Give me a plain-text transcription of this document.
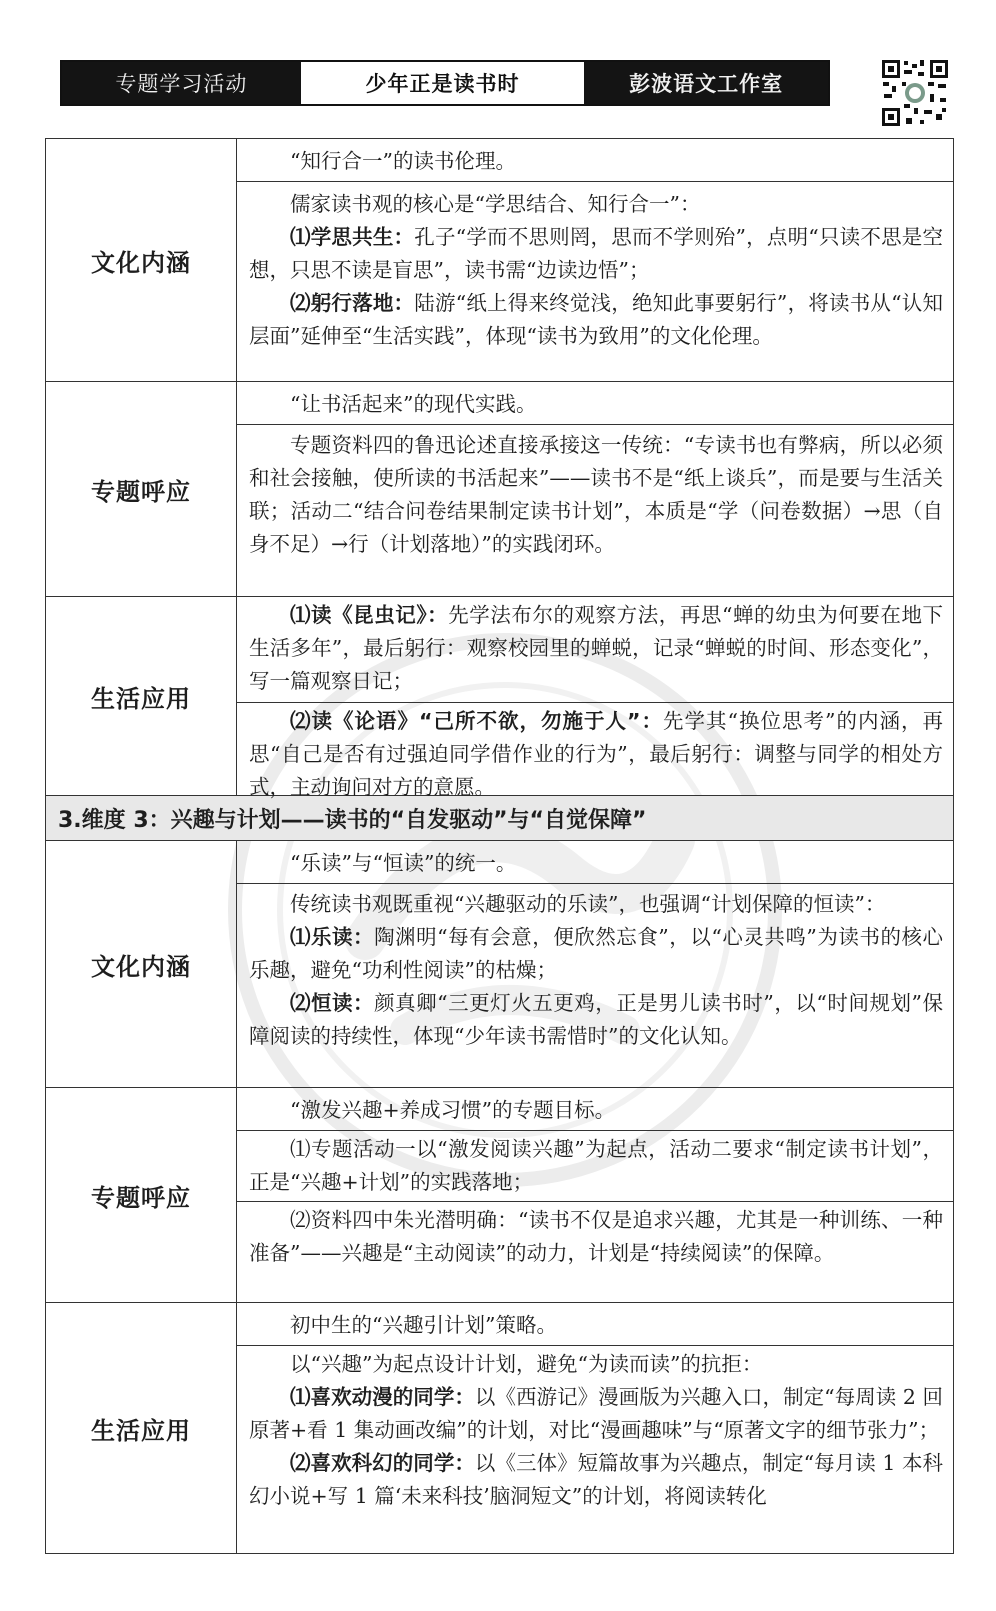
专题学习活动	少年正是读书时	彭波语文工作室
文化内涵
“知行合一”的读书伦理。
儒家读书观的核心是“学思结合、知行合一”：
⑴学思共生：孔子“学而不思则罔，思而不学则殆”，点明“只读不思是空想，只思不读是盲思”，读书需“边读边悟”；
⑵躬行落地：陆游“纸上得来终觉浅，绝知此事要躬行”，将读书从“认知层面”延伸至“生活实践”，体现“读书为致用”的文化伦理。
专题呼应
“让书活起来”的现代实践。
专题资料四的鲁迅论述直接承接这一传统：“专读书也有弊病，所以必须和社会接触，使所读的书活起来”——读书不是“纸上谈兵”，而是要与生活关联；活动二“结合问卷结果制定读书计划”，本质是“学（问卷数据）→思（自身不足）→行（计划落地）”的实践闭环。
生活应用
⑴读《昆虫记》：先学法布尔的观察方法，再思“蝉的幼虫为何要在地下生活多年”，最后躬行：观察校园里的蝉蜕，记录“蝉蜕的时间、形态变化”，写一篇观察日记；
⑵读《论语》“己所不欲，勿施于人”：先学其“换位思考”的内涵，再思“自己是否有过强迫同学借作业的行为”，最后躬行：调整与同学的相处方式，主动询问对方的意愿。
3.维度 3：兴趣与计划——读书的“自发驱动”与“自觉保障”
文化内涵
“乐读”与“恒读”的统一。
传统读书观既重视“兴趣驱动的乐读”，也强调“计划保障的恒读”：
⑴乐读：陶渊明“每有会意，便欣然忘食”，以“心灵共鸣”为读书的核心乐趣，避免“功利性阅读”的枯燥；
⑵恒读：颜真卿“三更灯火五更鸡，正是男儿读书时”，以“时间规划”保障阅读的持续性，体现“少年读书需惜时”的文化认知。
专题呼应
“激发兴趣+养成习惯”的专题目标。
⑴专题活动一以“激发阅读兴趣”为起点，活动二要求“制定读书计划”，正是“兴趣+计划”的实践落地；
⑵资料四中朱光潜明确：“读书不仅是追求兴趣，尤其是一种训练、一种准备”——兴趣是“主动阅读”的动力，计划是“持续阅读”的保障。
生活应用
初中生的“兴趣引计划”策略。
以“兴趣”为起点设计计划，避免“为读而读”的抗拒：
⑴喜欢动漫的同学：以《西游记》漫画版为兴趣入口，制定“每周读 2 回原著+看 1 集动画改编”的计划，对比“漫画趣味”与“原著文字的细节张力”；
⑵喜欢科幻的同学：以《三体》短篇故事为兴趣点，制定“每月读 1 本科幻小说+写 1 篇‘未来科技’脑洞短文”的计划，将阅读转化
